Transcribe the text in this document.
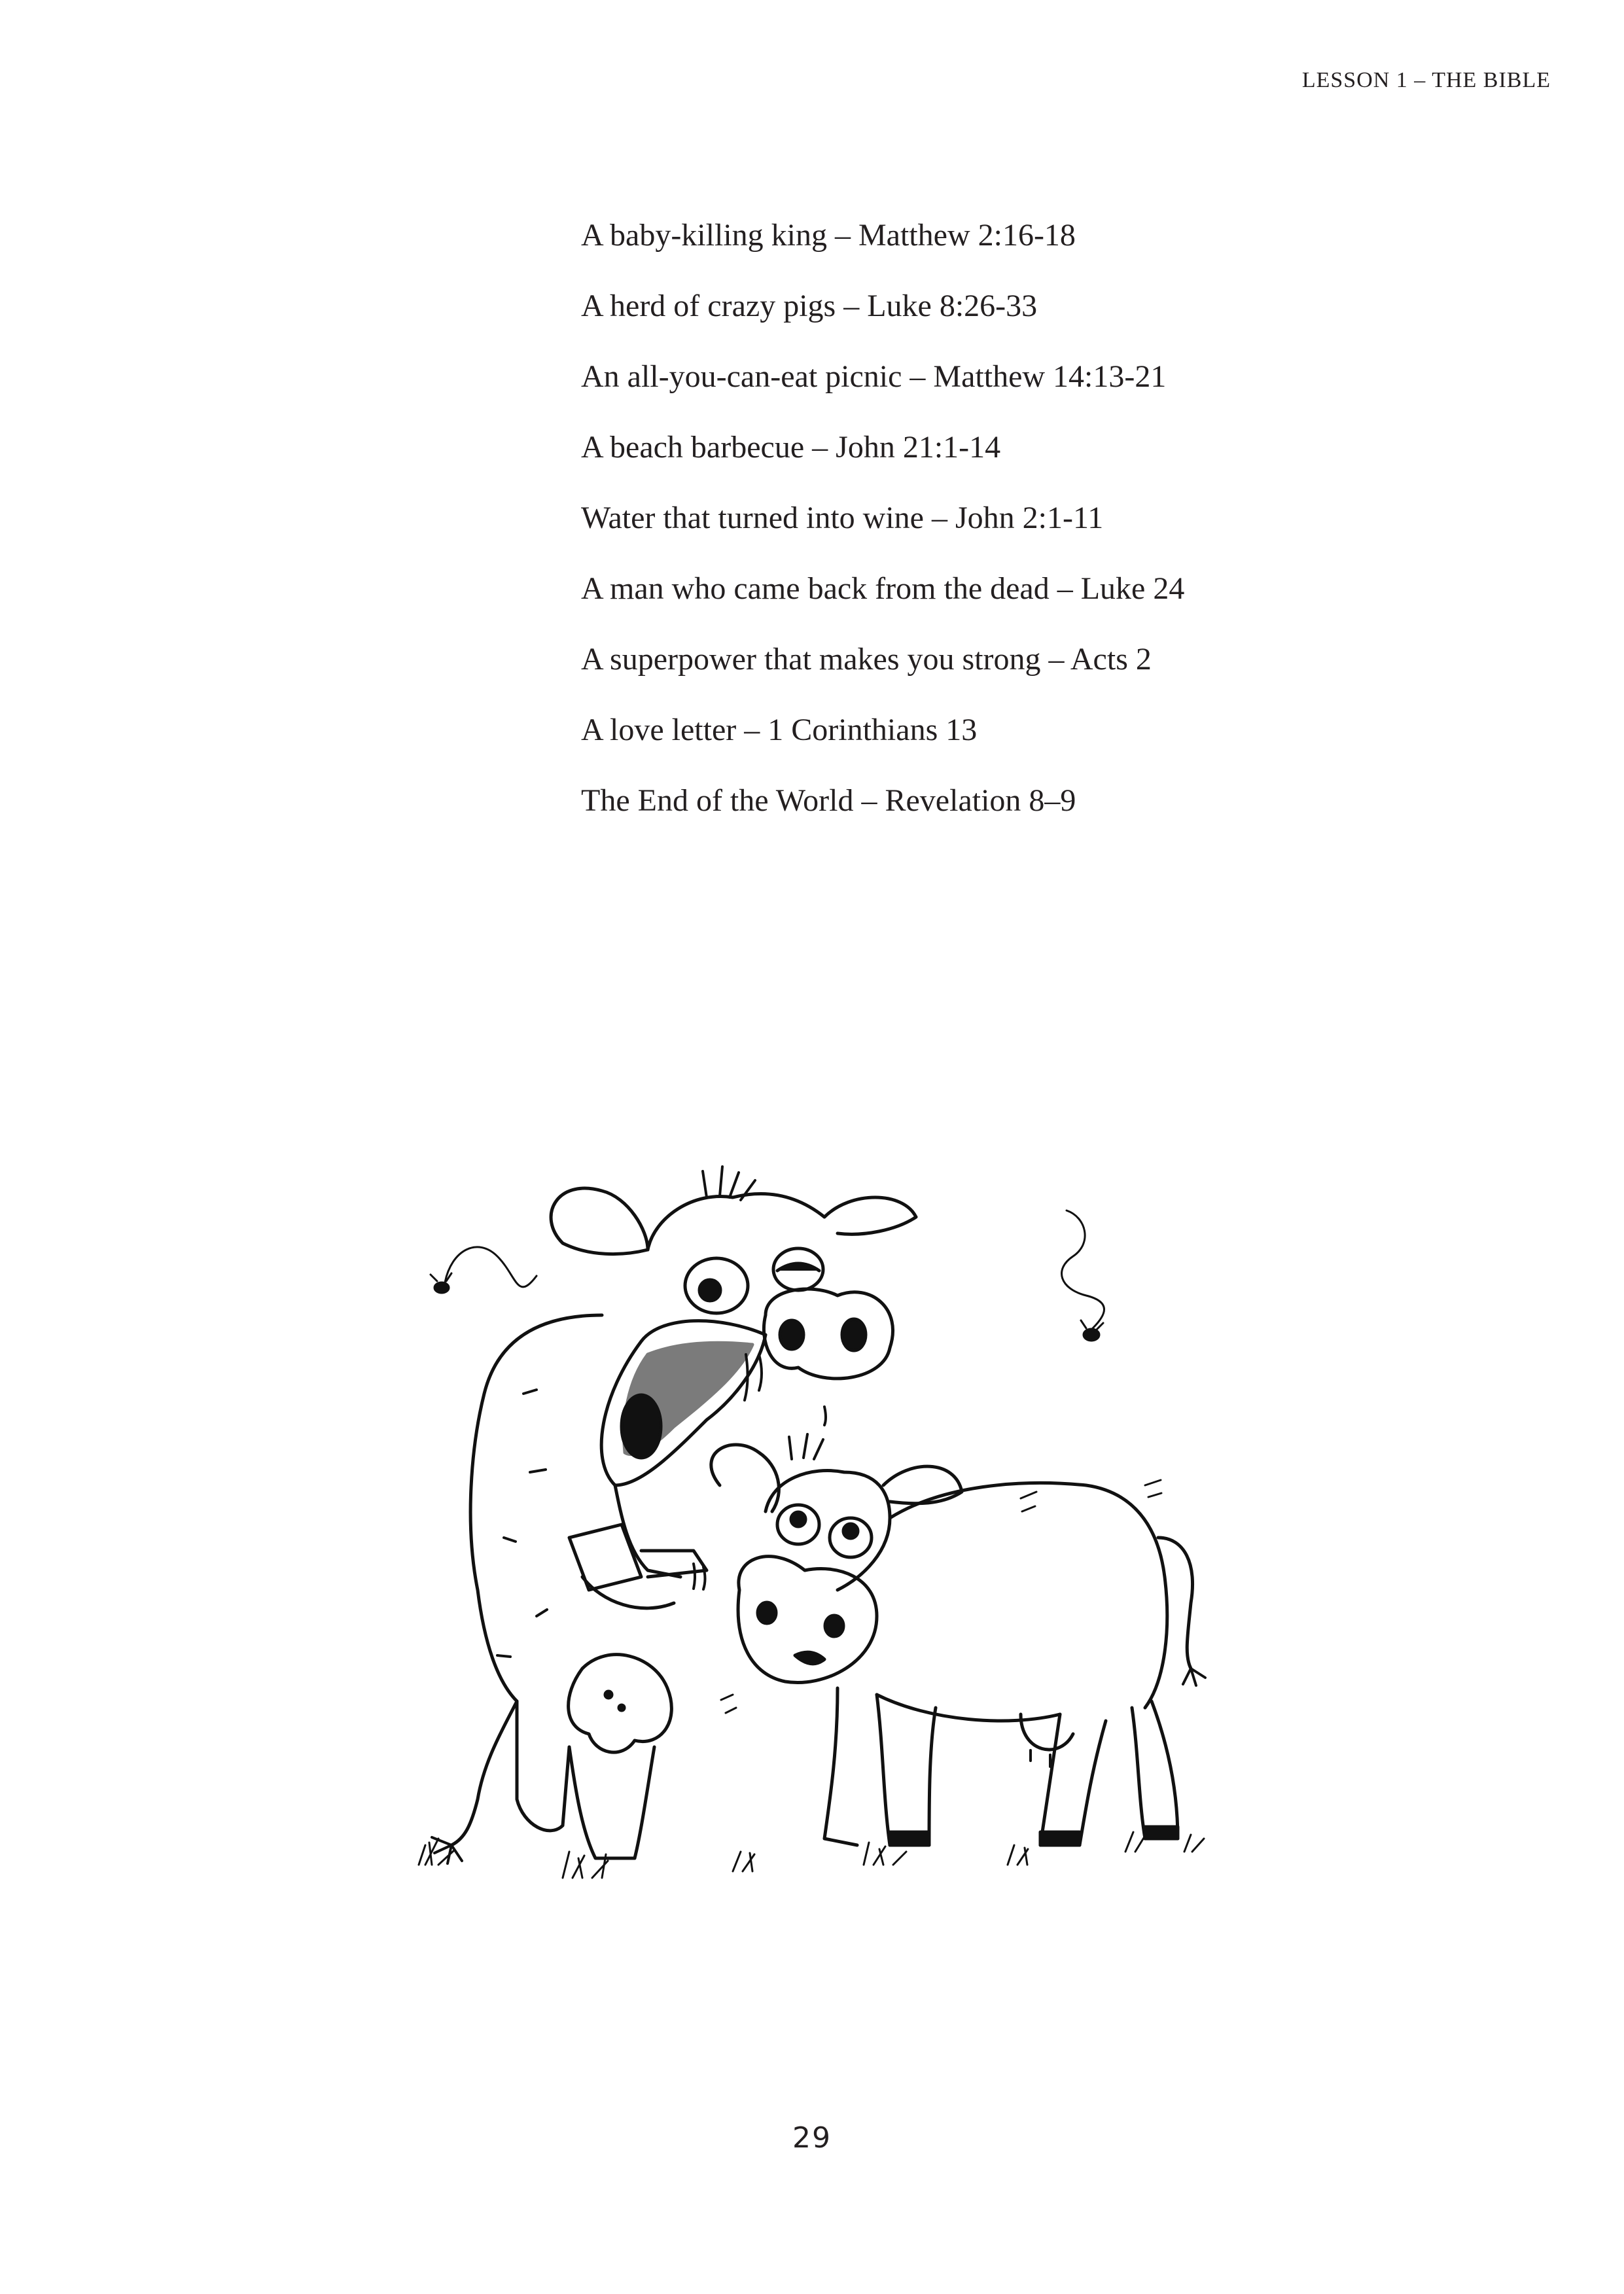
LESSON 1 – THE BIBLE
A baby-killing king – Matthew 2:16-18
A herd of crazy pigs – Luke 8:26-33
An all-you-can-eat picnic – Matthew 14:13-21
A beach barbecue – John 21:1-14
Water that turned into wine – John 2:1-11
A man who came back from the dead – Luke 24
A superpower that makes you strong – Acts 2
A love letter – 1 Corinthians 13
The End of the World – Revelation 8–9
29
